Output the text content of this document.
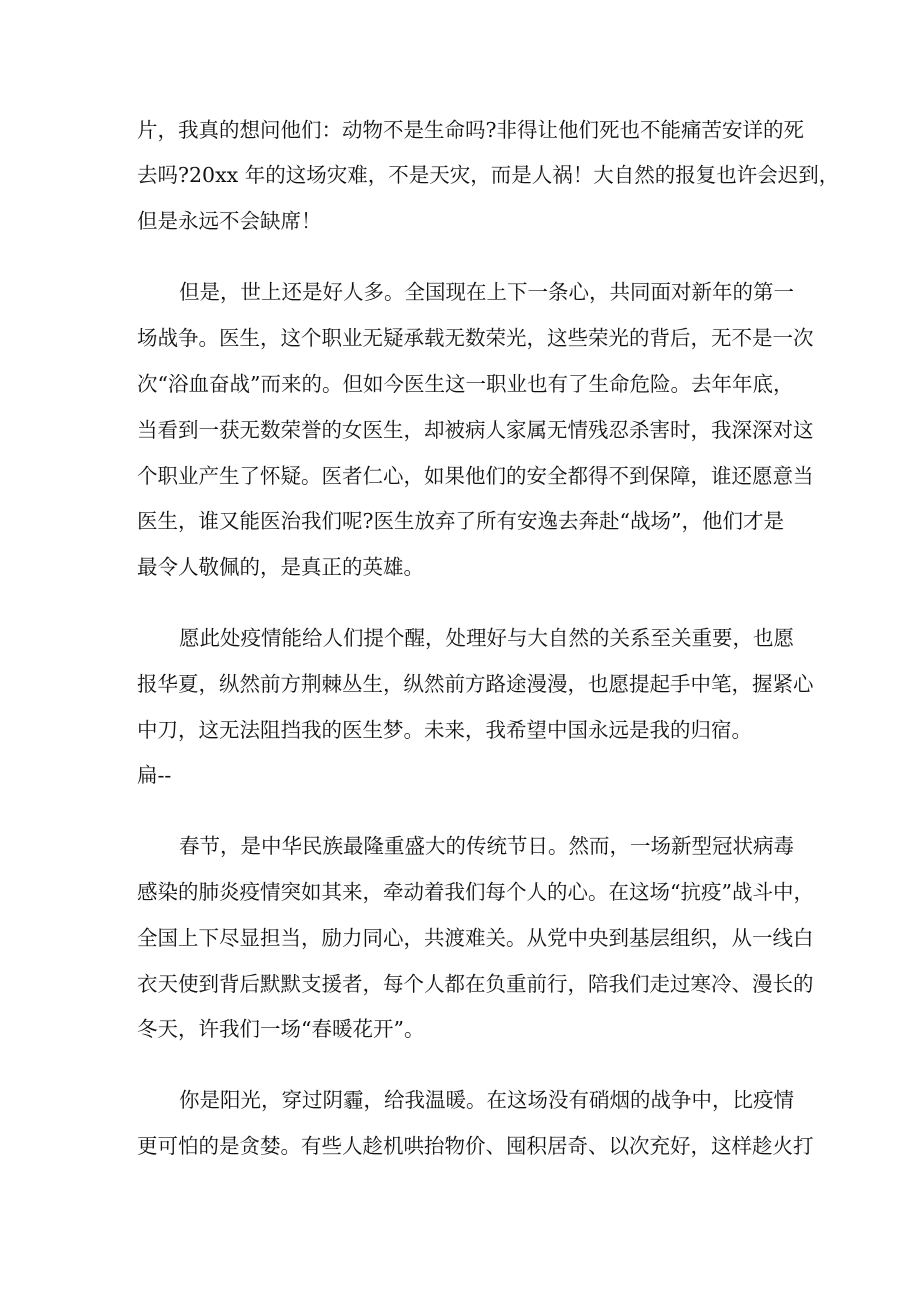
片，我真的想问他们：动物不是生命吗?非得让他们死也不能痛苦安详的死
去吗?20xx 年的这场灾难，不是天灾，而是人祸！大自然的报复也许会迟到，
但是永远不会缺席！
但是，世上还是好人多。全国现在上下一条心，共同面对新年的第一
场战争。医生，这个职业无疑承载无数荣光，这些荣光的背后，无不是一次
次“浴血奋战”而来的。但如今医生这一职业也有了生命危险。去年年底，
当看到一获无数荣誉的女医生，却被病人家属无情残忍杀害时，我深深对这
个职业产生了怀疑。医者仁心，如果他们的安全都得不到保障，谁还愿意当
医生，谁又能医治我们呢?医生放弃了所有安逸去奔赴“战场”，他们才是
最令人敬佩的，是真正的英雄。
愿此处疫情能给人们提个醒，处理好与大自然的关系至关重要，也愿
报华夏，纵然前方荆棘丛生，纵然前方路途漫漫，也愿提起手中笔，握紧心
中刀，这无法阻挡我的医生梦。未来，我希望中国永远是我的归宿。
扁--
春节，是中华民族最隆重盛大的传统节日。然而，一场新型冠状病毒
感染的肺炎疫情突如其来，牵动着我们每个人的心。在这场“抗疫”战斗中，
全国上下尽显担当，励力同心，共渡难关。从党中央到基层组织，从一线白
衣天使到背后默默支援者，每个人都在负重前行，陪我们走过寒冷、漫长的
冬天，许我们一场“春暖花开”。
你是阳光，穿过阴霾，给我温暖。在这场没有硝烟的战争中，比疫情
更可怕的是贪婪。有些人趁机哄抬物价、囤积居奇、以次充好，这样趁火打
